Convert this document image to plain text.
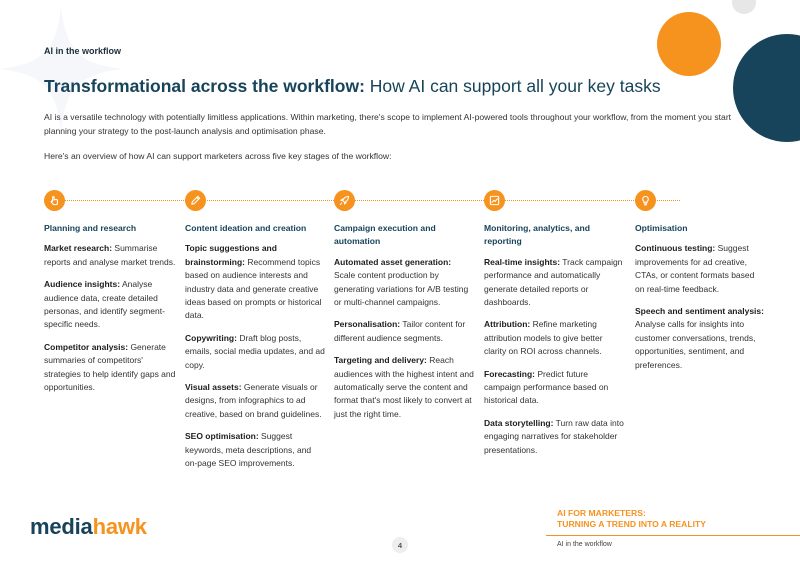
AI in the workflow
Transformational across the workflow: How AI can support all your key tasks

AI is a versatile technology with potentially limitless applications. Within marketing, there's scope to implement AI-powered tools throughout your workflow, from the moment you start planning your strategy to the post-launch analysis and optimisation phase.

Here's an overview of how AI can support marketers across five key stages of the workflow:

Planning and research
Market research: Summarise reports and analyse market trends.
Audience insights: Analyse audience data, create detailed personas, and identify segment-specific needs.
Competitor analysis: Generate summaries of competitors' strategies to help identify gaps and opportunities.
Content ideation and creation
Topic suggestions and brainstorming: Recommend topics based on audience interests and industry data and generate creative ideas based on prompts or historical data.
Copywriting: Draft blog posts, emails, social media updates, and ad copy.
Visual assets: Generate visuals or designs, from infographics to ad creative, based on brand guidelines.
SEO optimisation: Suggest keywords, meta descriptions, and on-page SEO improvements.
Campaign execution and automation
Automated asset generation: Scale content production by generating variations for A/B testing or multi-channel campaigns.
Personalisation: Tailor content for different audience segments.
Targeting and delivery: Reach audiences with the highest intent and automatically serve the content and format that's most likely to convert at just the right time.
Monitoring, analytics, and reporting
Real-time insights: Track campaign performance and automatically generate detailed reports or dashboards.
Attribution: Refine marketing attribution models to give better clarity on ROI across channels.
Forecasting: Predict future campaign performance based on historical data.
Data storytelling: Turn raw data into engaging narratives for stakeholder presentations.
Optimisation
Continuous testing: Suggest improvements for ad creative, CTAs, or content formats based on real-time feedback.
Speech and sentiment analysis: Analyse calls for insights into customer conversations, trends, opportunities, sentiment, and preferences.
mediahawk
4
AI FOR MARKETERS:
TURNING A TREND INTO A REALITY
AI in the workflow
